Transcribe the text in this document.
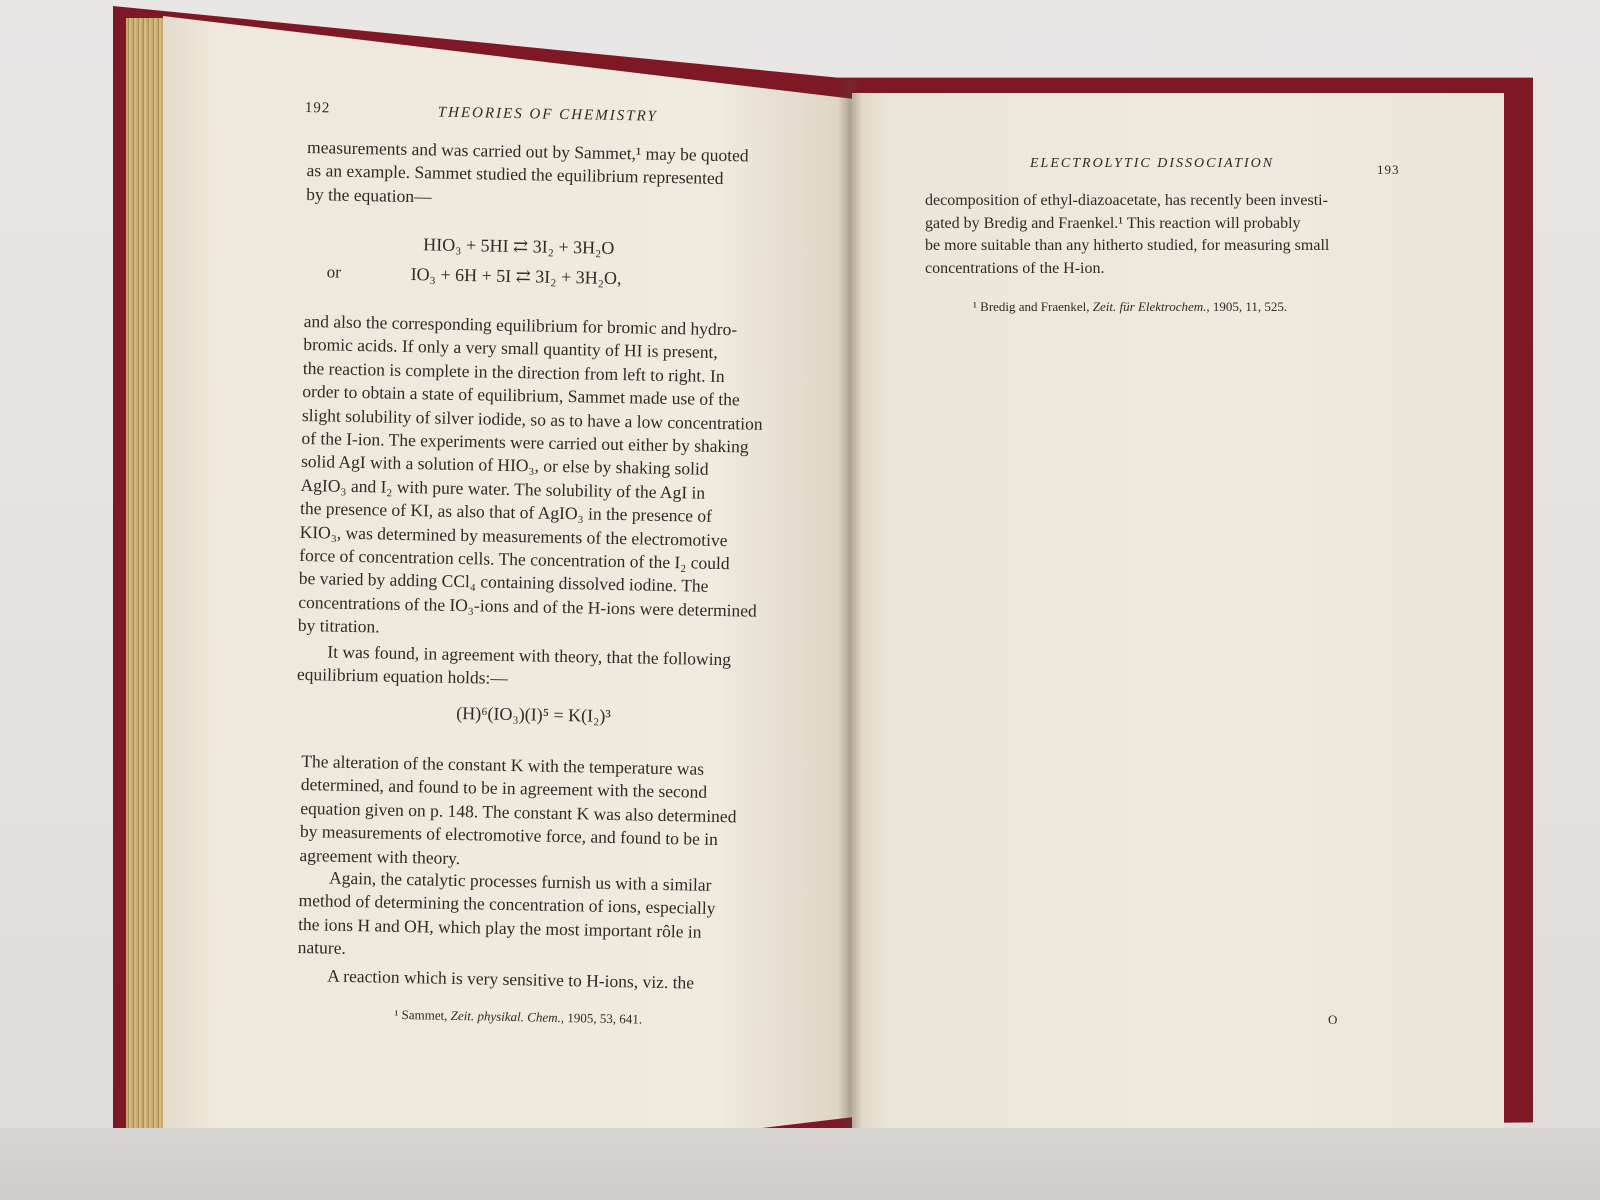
192	THEORIES OF CHEMISTRY
measurements and was carried out by Sammet,¹ may be quoted
as an example. Sammet studied the equilibrium represented
by the equation—
HIO₃ + 5HI ⇄ 3I₂ + 3H₂O
or	IO₃ + 6H + 5I ⇄ 3I₂ + 3H₂O,
and also the corresponding equilibrium for bromic and hydro-
bromic acids. If only a very small quantity of HI is present,
the reaction is complete in the direction from left to right. In
order to obtain a state of equilibrium, Sammet made use of the
slight solubility of silver iodide, so as to have a low concentration
of the I-ion. The experiments were carried out either by shaking
solid AgI with a solution of HIO₃, or else by shaking solid
AgIO₃ and I₂ with pure water. The solubility of the AgI in
the presence of KI, as also that of AgIO₃ in the presence of
KIO₃, was determined by measurements of the electromotive
force of concentration cells. The concentration of the I₂ could
be varied by adding CCl₄ containing dissolved iodine. The
concentrations of the IO₃-ions and of the H-ions were determined
by titration.
It was found, in agreement with theory, that the following
equilibrium equation holds:—
(H)⁶(IO₃)(I)⁵ = K(I₂)³
The alteration of the constant K with the temperature was
determined, and found to be in agreement with the second
equation given on p. 148. The constant K was also determined
by measurements of electromotive force, and found to be in
agreement with theory.
Again, the catalytic processes furnish us with a similar
method of determining the concentration of ions, especially
the ions H and OH, which play the most important rôle in
nature.
A reaction which is very sensitive to H-ions, viz. the
¹ Sammet, Zeit. physikal. Chem., 1905, 53, 641.
ELECTROLYTIC DISSOCIATION	193
decomposition of ethyl-diazoacetate, has recently been investi-
gated by Bredig and Fraenkel.¹ This reaction will probably
be more suitable than any hitherto studied, for measuring small
concentrations of the H-ion.
¹ Bredig and Fraenkel, Zeit. für Elektrochem., 1905, 11, 525.
O
